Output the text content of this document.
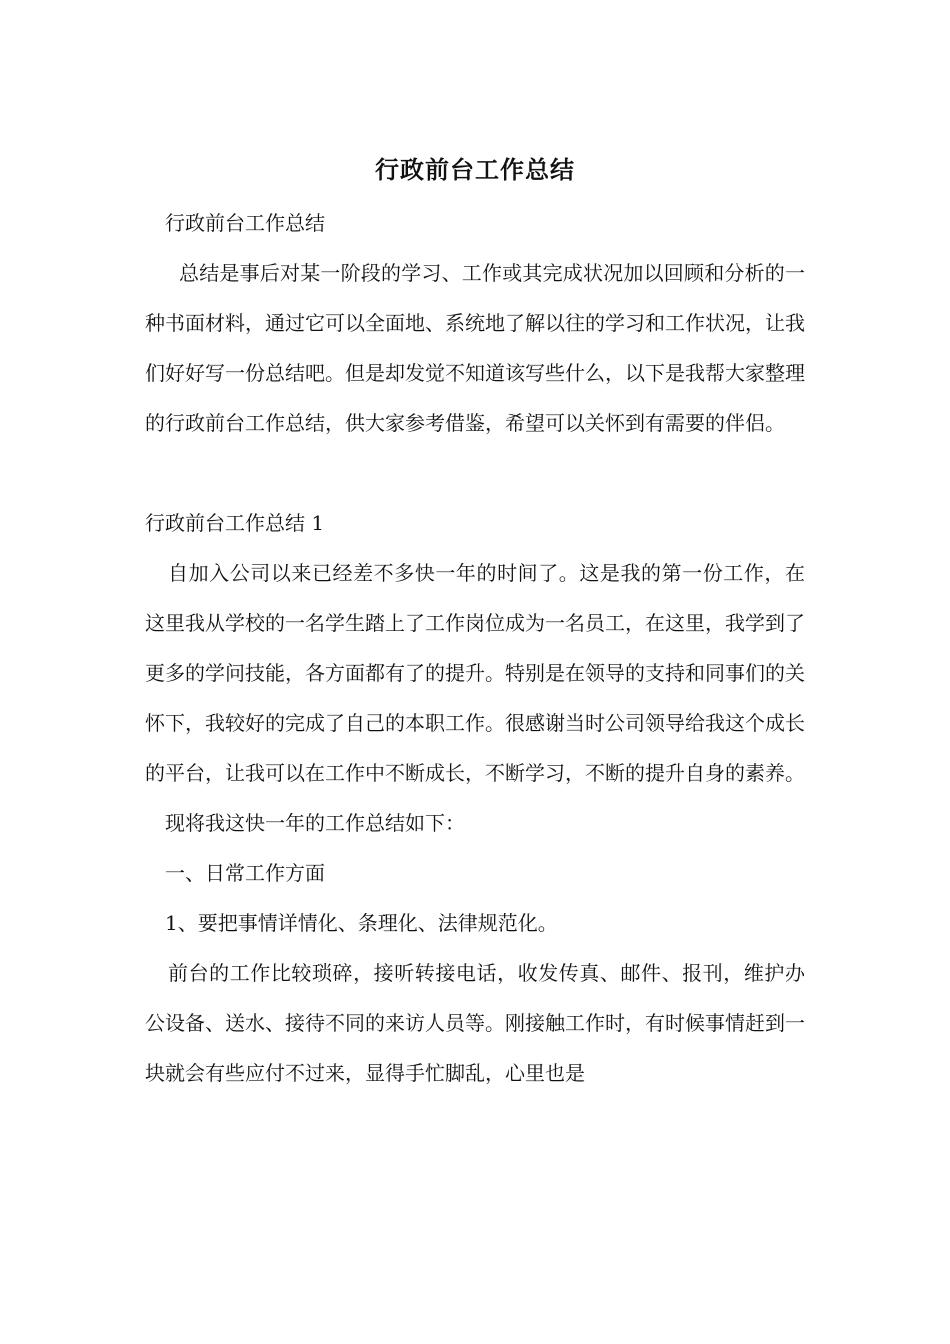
行政前台工作总结

行政前台工作总结

总结是事后对某一阶段的学习、工作或其完成状况加以回顾和分析的一种书面材料，通过它可以全面地、系统地了解以往的学习和工作状况，让我们好好写一份总结吧。但是却发觉不知道该写些什么，以下是我帮大家整理的行政前台工作总结，供大家参考借鉴，希望可以关怀到有需要的伴侣。

行政前台工作总结 1

自加入公司以来已经差不多快一年的时间了。这是我的第一份工作，在这里我从学校的一名学生踏上了工作岗位成为一名员工，在这里，我学到了更多的学问技能，各方面都有了的提升。特别是在领导的支持和同事们的关怀下，我较好的完成了自己的本职工作。很感谢当时公司领导给我这个成长的平台，让我可以在工作中不断成长，不断学习，不断的提升自身的素养。

现将我这快一年的工作总结如下：

一、日常工作方面

1、要把事情详情化、条理化、法律规范化。

前台的工作比较琐碎，接听转接电话，收发传真、邮件、报刊，维护办公设备、送水、接待不同的来访人员等。刚接触工作时，有时候事情赶到一块就会有些应付不过来，显得手忙脚乱，心里也是
